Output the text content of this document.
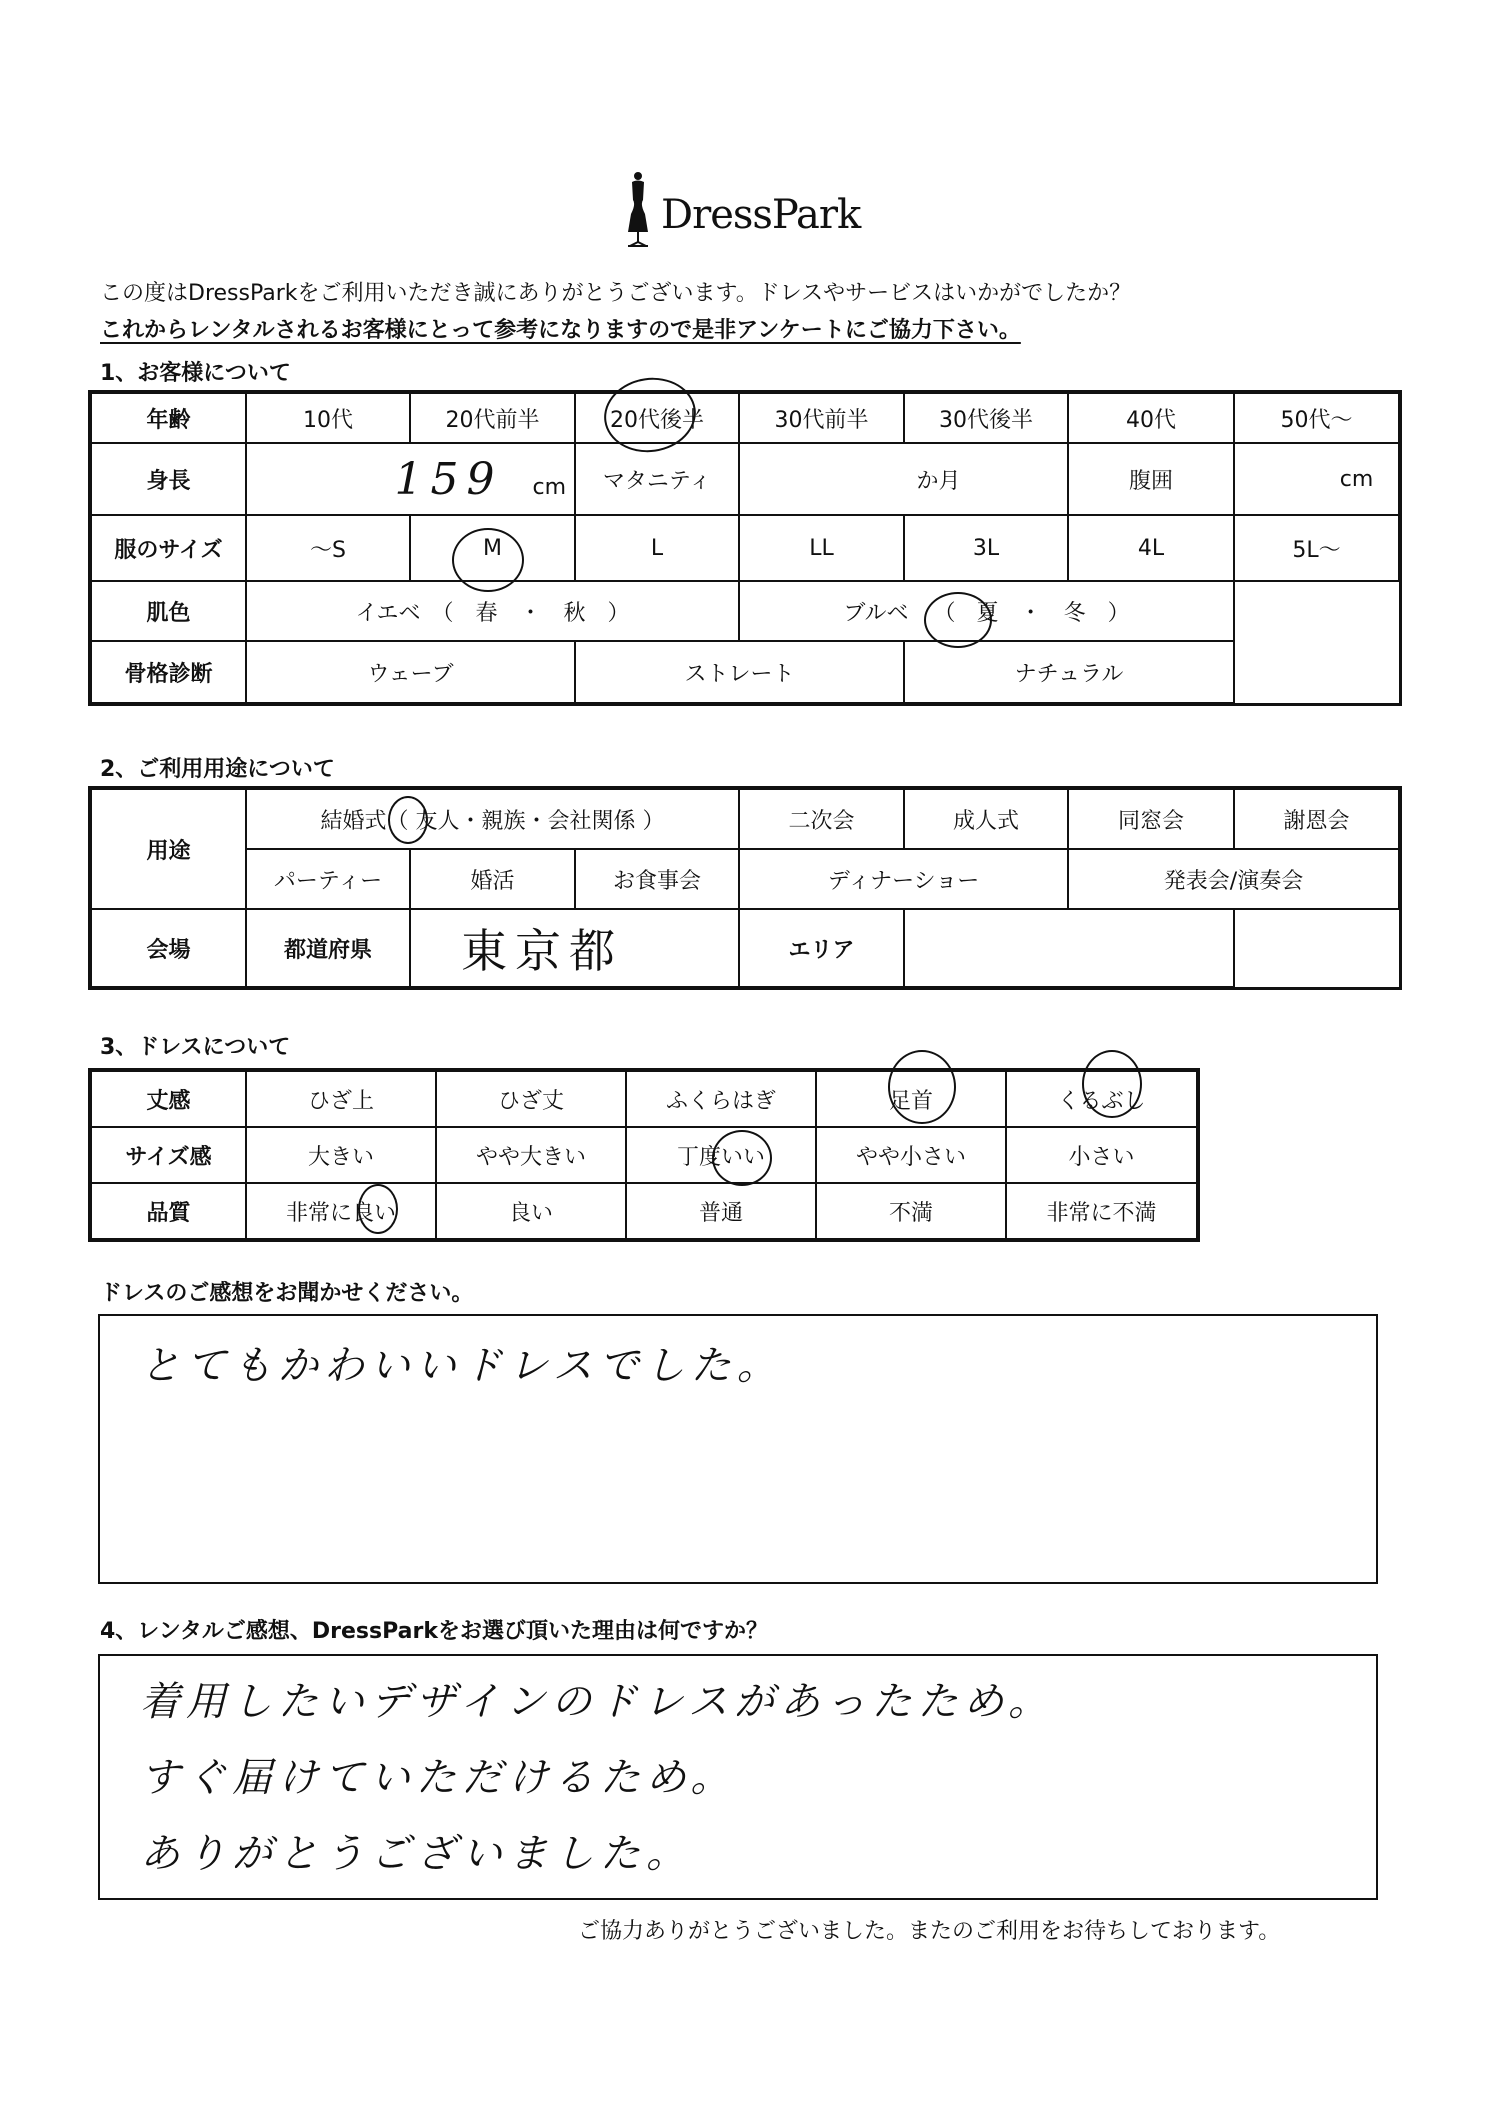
DressPark
この度はDressParkをご利用いただき誠にありがとうございます。ドレスやサービスはいかがでしたか？
これからレンタルされるお客様にとって参考になりますので是非アンケートにご協力下さい。
1、お客様について
年齢	10代	20代前半	20代後半	30代前半	30代後半	40代	50代～
身長	159 cm		マタニティ	か月		腹囲	cm
服のサイズ	～S	M	L	LL	3L	4L	5L～
肌色	イエベ　（　春　・　秋　）			ブルベ （ 夏 ・　冬　）			
骨格診断	ウェーブ		ストレート		ナチュラル		
2、ご利用用途について
用途	結婚式（ 友人・親族・会社関係 ）			二次会	成人式	同窓会	謝恩会
	パーティー	婚活	お食事会	ディナーショー		発表会/演奏会	
会場	都道府県	東京都		エリア			
3、ドレスについて
丈感	ひざ上	ひざ丈	ふくらはぎ	足首	くるぶし
サイズ感	大きい	やや大きい	丁度いい	やや小さい	小さい
品質	非常に良い	良い	普通	不満	非常に不満
ドレスのご感想をお聞かせください。
とてもかわいいドレスでした。
4、レンタルご感想、DressParkをお選び頂いた理由は何ですか？
着用したいデザインのドレスがあったため。
すぐ届けていただけるため。
ありがとうございました。
ご協力ありがとうございました。またのご利用をお待ちしております。
